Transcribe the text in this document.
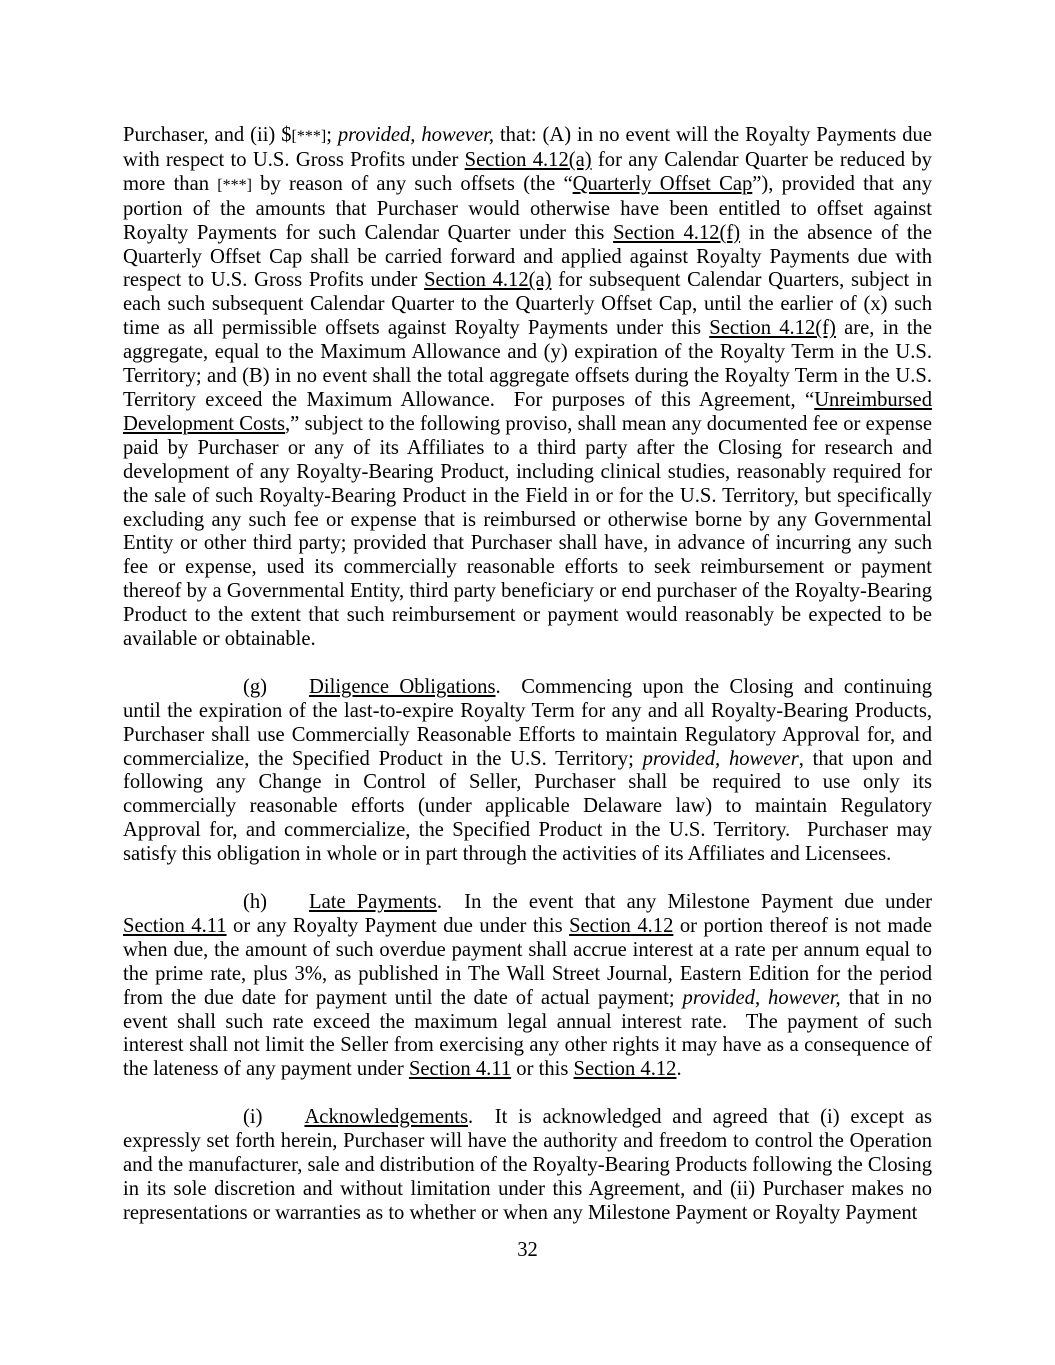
Purchaser, and (ii) $[***]; provided, however, that: (A) in no event will the Royalty Payments due with respect to U.S. Gross Profits under Section 4.12(a) for any Calendar Quarter be reduced by more than [***] by reason of any such offsets (the “Quarterly Offset Cap”), provided that any portion of the amounts that Purchaser would otherwise have been entitled to offset against Royalty Payments for such Calendar Quarter under this Section 4.12(f) in the absence of the Quarterly Offset Cap shall be carried forward and applied against Royalty Payments due with respect to U.S. Gross Profits under Section 4.12(a) for subsequent Calendar Quarters, subject in each such subsequent Calendar Quarter to the Quarterly Offset Cap, until the earlier of (x) such time as all permissible offsets against Royalty Payments under this Section 4.12(f) are, in the aggregate, equal to the Maximum Allowance and (y) expiration of the Royalty Term in the U.S. Territory; and (B) in no event shall the total aggregate offsets during the Royalty Term in the U.S. Territory exceed the Maximum Allowance.  For purposes of this Agreement, “Unreimbursed Development Costs,” subject to the following proviso, shall mean any documented fee or expense paid by Purchaser or any of its Affiliates to a third party after the Closing for research and development of any Royalty-Bearing Product, including clinical studies, reasonably required for the sale of such Royalty-Bearing Product in the Field in or for the U.S. Territory, but specifically excluding any such fee or expense that is reimbursed or otherwise borne by any Governmental Entity or other third party; provided that Purchaser shall have, in advance of incurring any such fee or expense, used its commercially reasonable efforts to seek reimbursement or payment thereof by a Governmental Entity, third party beneficiary or end purchaser of the Royalty-Bearing Product to the extent that such reimbursement or payment would reasonably be expected to be available or obtainable.

(g) Diligence Obligations.  Commencing upon the Closing and continuing until the expiration of the last-to-expire Royalty Term for any and all Royalty-Bearing Products, Purchaser shall use Commercially Reasonable Efforts to maintain Regulatory Approval for, and commercialize, the Specified Product in the U.S. Territory; provided, however, that upon and following any Change in Control of Seller, Purchaser shall be required to use only its commercially reasonable efforts (under applicable Delaware law) to maintain Regulatory Approval for, and commercialize, the Specified Product in the U.S. Territory.  Purchaser may satisfy this obligation in whole or in part through the activities of its Affiliates and Licensees.

(h) Late Payments.  In the event that any Milestone Payment due under Section 4.11 or any Royalty Payment due under this Section 4.12 or portion thereof is not made when due, the amount of such overdue payment shall accrue interest at a rate per annum equal to the prime rate, plus 3%, as published in The Wall Street Journal, Eastern Edition for the period from the due date for payment until the date of actual payment; provided, however, that in no event shall such rate exceed the maximum legal annual interest rate.  The payment of such interest shall not limit the Seller from exercising any other rights it may have as a consequence of the lateness of any payment under Section 4.11 or this Section 4.12.

(i) Acknowledgements.  It is acknowledged and agreed that (i) except as expressly set forth herein, Purchaser will have the authority and freedom to control the Operation and the manufacturer, sale and distribution of the Royalty-Bearing Products following the Closing in its sole discretion and without limitation under this Agreement, and (ii) Purchaser makes no representations or warranties as to whether or when any Milestone Payment or Royalty Payment

32
